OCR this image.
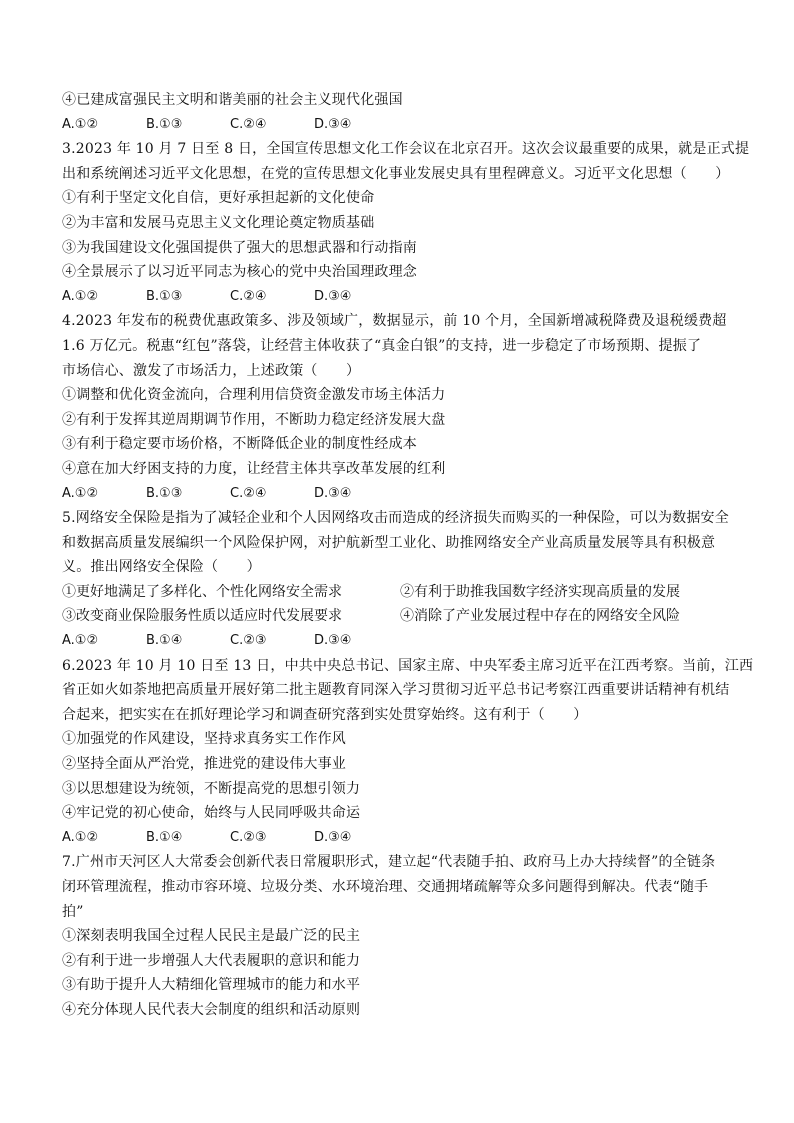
④已建成富强民主文明和谐美丽的社会主义现代化强国
A.①②	B.①③	C.②④	D.③④
3.2023 年 10 月 7 日至 8 日，全国宣传思想文化工作会议在北京召开。这次会议最重要的成果，就是正式提
出和系统阐述习近平文化思想，在党的宣传思想文化事业发展史具有里程碑意义。习近平文化思想（　　）
①有利于坚定文化自信，更好承担起新的文化使命
②为丰富和发展马克思主义文化理论奠定物质基础
③为我国建设文化强国提供了强大的思想武器和行动指南
④全景展示了以习近平同志为核心的党中央治国理政理念
A.①②	B.①③	C.②④	D.③④
4.2023 年发布的税费优惠政策多、涉及领域广，数据显示，前 10 个月，全国新增减税降费及退税缓费超
1.6 万亿元。税惠“红包”落袋，让经营主体收获了“真金白银”的支持，进一步稳定了市场预期、提振了
市场信心、激发了市场活力，上述政策（　　）
①调整和优化资金流向，合理利用信贷资金激发市场主体活力
②有利于发挥其逆周期调节作用，不断助力稳定经济发展大盘
③有利于稳定要市场价格，不断降低企业的制度性经成本
④意在加大纾困支持的力度，让经营主体共享改革发展的红利
A.①②	B.①③	C.②④	D.③④
5.网络安全保险是指为了减轻企业和个人因网络攻击而造成的经济损失而购买的一种保险，可以为数据安全
和数据高质量发展编织一个风险保护网，对护航新型工业化、助推网络安全产业高质量发展等具有积极意
义。推出网络安全保险（　　）
①更好地满足了多样化、个性化网络安全需求	②有利于助推我国数字经济实现高质量的发展
③改变商业保险服务性质以适应时代发展要求	④消除了产业发展过程中存在的网络安全风险
A.①②	B.①④	C.②③	D.③④
6.2023 年 10 月 10 日至 13 日，中共中央总书记、国家主席、中央军委主席习近平在江西考察。当前，江西
省正如火如荼地把高质量开展好第二批主题教育同深入学习贯彻习近平总书记考察江西重要讲话精神有机结
合起来，把实实在在抓好理论学习和调查研究落到实处贯穿始终。这有利于（　　）
①加强党的作风建设，坚持求真务实工作作风
②坚持全面从严治党，推进党的建设伟大事业
③以思想建设为统领，不断提高党的思想引领力
④牢记党的初心使命，始终与人民同呼吸共命运
A.①②	B.①④	C.②③	D.③④
7.广州市天河区人大常委会创新代表日常履职形式，建立起“代表随手拍、政府马上办大持续督”的全链条
闭环管理流程，推动市容环境、垃圾分类、水环境治理、交通拥堵疏解等众多问题得到解决。代表“随手
拍”
①深刻表明我国全过程人民民主是最广泛的民主
②有利于进一步增强人大代表履职的意识和能力
③有助于提升人大精细化管理城市的能力和水平
④充分体现人民代表大会制度的组织和活动原则
